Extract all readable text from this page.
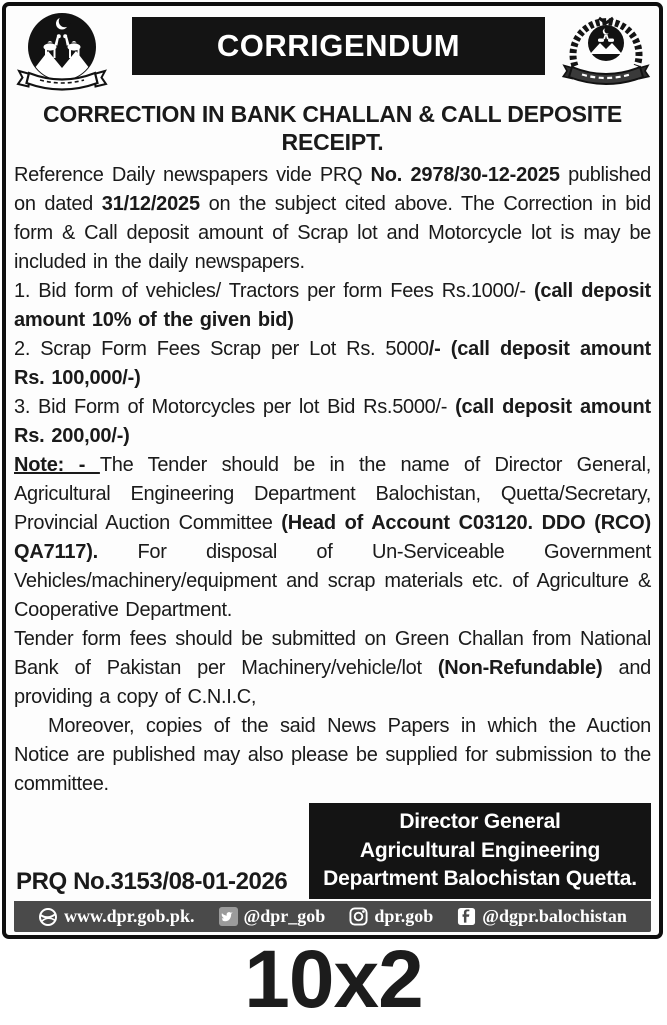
CORRIGENDUM
CORRECTION IN BANK CHALLAN & CALL DEPOSITE
RECEIPT.

Reference Daily newspapers vide PRQ No. 2978/30-12-2025 published on dated 31/12/2025 on the subject cited above. The Correction in bid form & Call deposit amount of Scrap lot and Motorcycle lot is may be included in the daily newspapers.

1. Bid form of vehicles/ Tractors per form Fees Rs.1000/- (call deposit amount 10% of the given bid)

2. Scrap Form Fees Scrap per Lot Rs. 5000/- (call deposit amount Rs. 100,000/-)

3. Bid Form of Motorcycles per lot Bid Rs.5000/- (call deposit amount Rs. 200,00/-)

Note: - The Tender should be in the name of Director General, Agricultural Engineering Department Balochistan, Quetta/Secretary, Provincial Auction Committee (Head of Account C03120. DDO (RCO) QA7117). For disposal of Un-Serviceable Government Vehicles/machinery/equipment and scrap materials etc. of Agriculture & Cooperative Department.

Tender form fees should be submitted on Green Challan from National Bank of Pakistan per Machinery/vehicle/lot (Non-Refundable) and providing a copy of C.N.I.C,

Moreover, copies of the said News Papers in which the Auction Notice are published may also please be supplied for submission to the committee.

PRQ No.3153/08-01-2026
Director General
Agricultural Engineering
Department Balochistan Quetta.
www.dpr.gob.pk.	@dpr_gob	dpr.gob	@dgpr.balochistan
10x2
